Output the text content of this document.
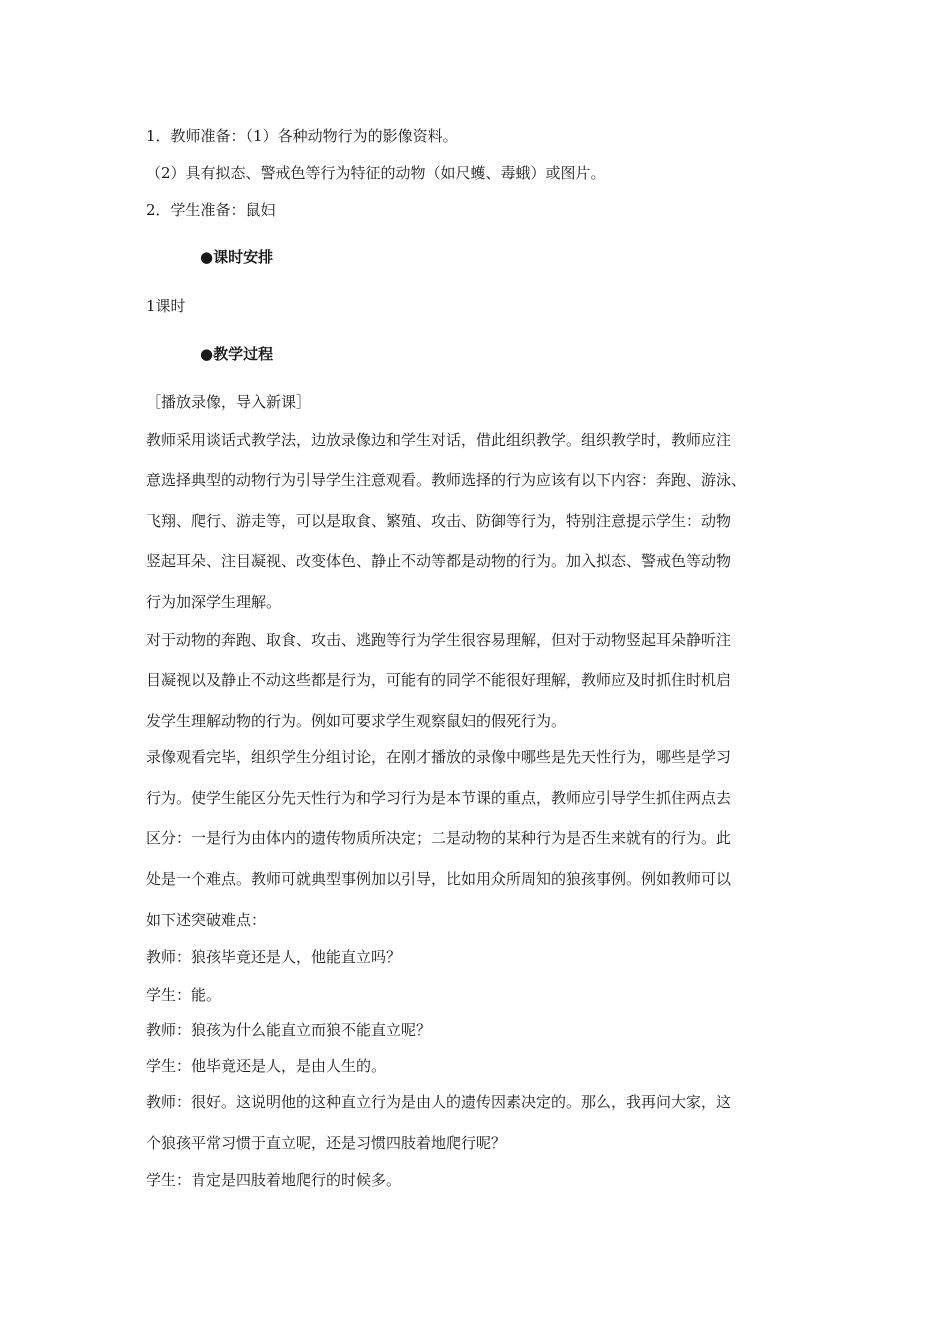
1．教师准备：（1）各种动物行为的影像资料。
（2）具有拟态、警戒色等行为特征的动物（如尺蠖、毒蛾）或图片。
2．学生准备：鼠妇
●课时安排
1课时
●教学过程
［播放录像，导入新课］
教师采用谈话式教学法，边放录像边和学生对话，借此组织教学。组织教学时，教师应注
意选择典型的动物行为引导学生注意观看。教师选择的行为应该有以下内容：奔跑、游泳、
飞翔、爬行、游走等，可以是取食、繁殖、攻击、防御等行为，特别注意提示学生：动物
竖起耳朵、注目凝视、改变体色、静止不动等都是动物的行为。加入拟态、警戒色等动物
行为加深学生理解。
对于动物的奔跑、取食、攻击、逃跑等行为学生很容易理解，但对于动物竖起耳朵静听注
目凝视以及静止不动这些都是行为，可能有的同学不能很好理解，教师应及时抓住时机启
发学生理解动物的行为。例如可要求学生观察鼠妇的假死行为。
录像观看完毕，组织学生分组讨论，在刚才播放的录像中哪些是先天性行为，哪些是学习
行为。使学生能区分先天性行为和学习行为是本节课的重点，教师应引导学生抓住两点去
区分：一是行为由体内的遗传物质所决定；二是动物的某种行为是否生来就有的行为。此
处是一个难点。教师可就典型事例加以引导，比如用众所周知的狼孩事例。例如教师可以
如下述突破难点：
教师：狼孩毕竟还是人，他能直立吗？
学生：能。
教师：狼孩为什么能直立而狼不能直立呢？
学生：他毕竟还是人，是由人生的。
教师：很好。这说明他的这种直立行为是由人的遗传因素决定的。那么，我再问大家，这
个狼孩平常习惯于直立呢，还是习惯四肢着地爬行呢？
学生：肯定是四肢着地爬行的时候多。
